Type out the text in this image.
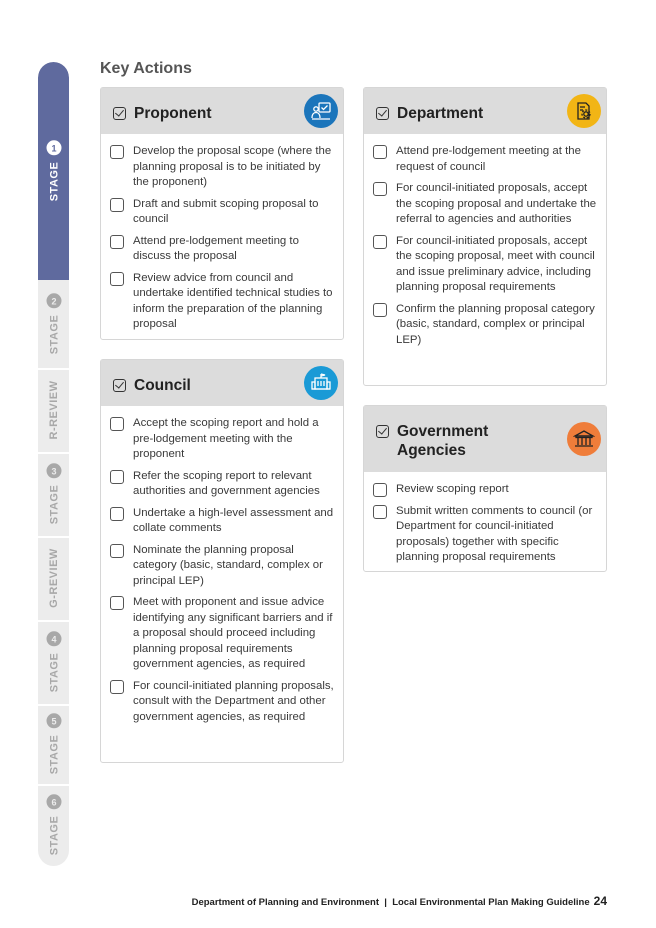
STAGE
1
STAGE
2
R-REVIEW
STAGE
3
G-REVIEW
STAGE
4
STAGE
5
STAGE
6
Key Actions
Proponent
Develop the proposal scope (where the planning proposal is to be initiated by the proponent)
Draft and submit scoping proposal to council
Attend pre-lodgement meeting to discuss the proposal
Review advice from council and undertake identified technical studies to inform the preparation of the planning proposal
Council
Accept the scoping report and hold a pre-lodgement meeting with the proponent
Refer the scoping report to relevant authorities and government agencies
Undertake a high-level assessment and collate comments
Nominate the planning proposal category (basic, standard, complex or principal LEP)
Meet with proponent and issue advice identifying any significant barriers and if a proposal should proceed including planning proposal requirements government agencies, as required
For council-initiated planning proposals, consult with the Department and other government agencies, as required
Department
Attend pre-lodgement meeting at the request of council
For council-initiated proposals, accept the scoping proposal and undertake the referral to agencies and authorities
For council-initiated proposals, accept the scoping proposal, meet with council and issue preliminary advice, including planning proposal requirements
Confirm the planning proposal category (basic, standard, complex or principal LEP)
Government
Agencies
Review scoping report
Submit written comments to council (or Department for council-initiated proposals) together with specific planning proposal requirements
Department of Planning and Environment  |  Local Environmental Plan Making Guideline 24
